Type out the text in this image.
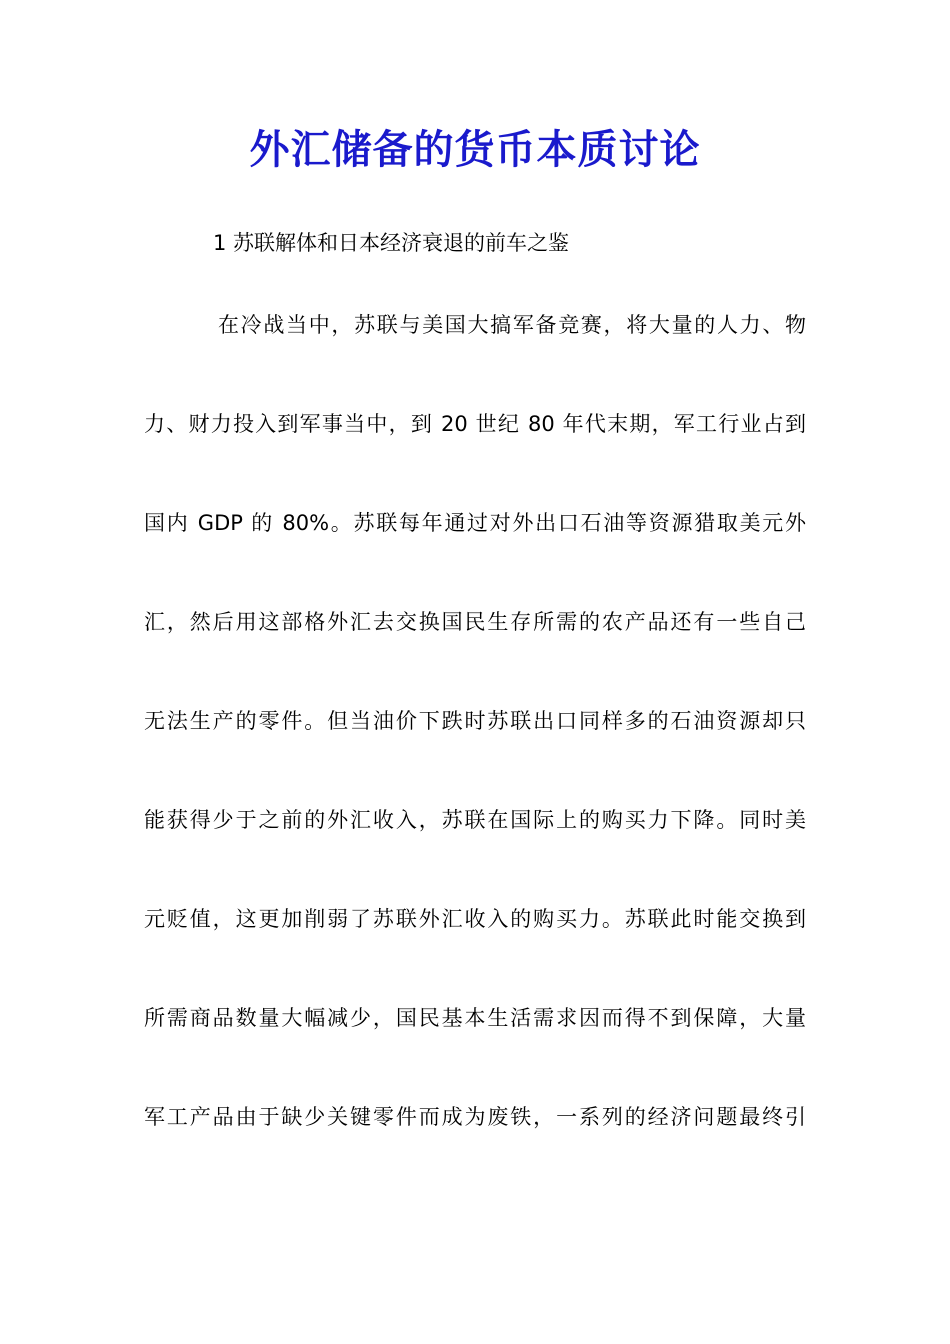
外汇储备的货币本质讨论

1 苏联解体和日本经济衰退的前车之鉴

在冷战当中，苏联与美国大搞军备竞赛，将大量的人力、物
力、财力投入到军事当中，到 20 世纪 80 年代末期，军工行业占到
国内 GDP 的 80%。苏联每年通过对外出口石油等资源猎取美元外
汇，然后用这部格外汇去交换国民生存所需的农产品还有一些自己
无法生产的零件。但当油价下跌时苏联出口同样多的石油资源却只
能获得少于之前的外汇收入，苏联在国际上的购买力下降。同时美
元贬值，这更加削弱了苏联外汇收入的购买力。苏联此时能交换到
所需商品数量大幅减少，国民基本生活需求因而得不到保障，大量
军工产品由于缺少关键零件而成为废铁，一系列的经济问题最终引
